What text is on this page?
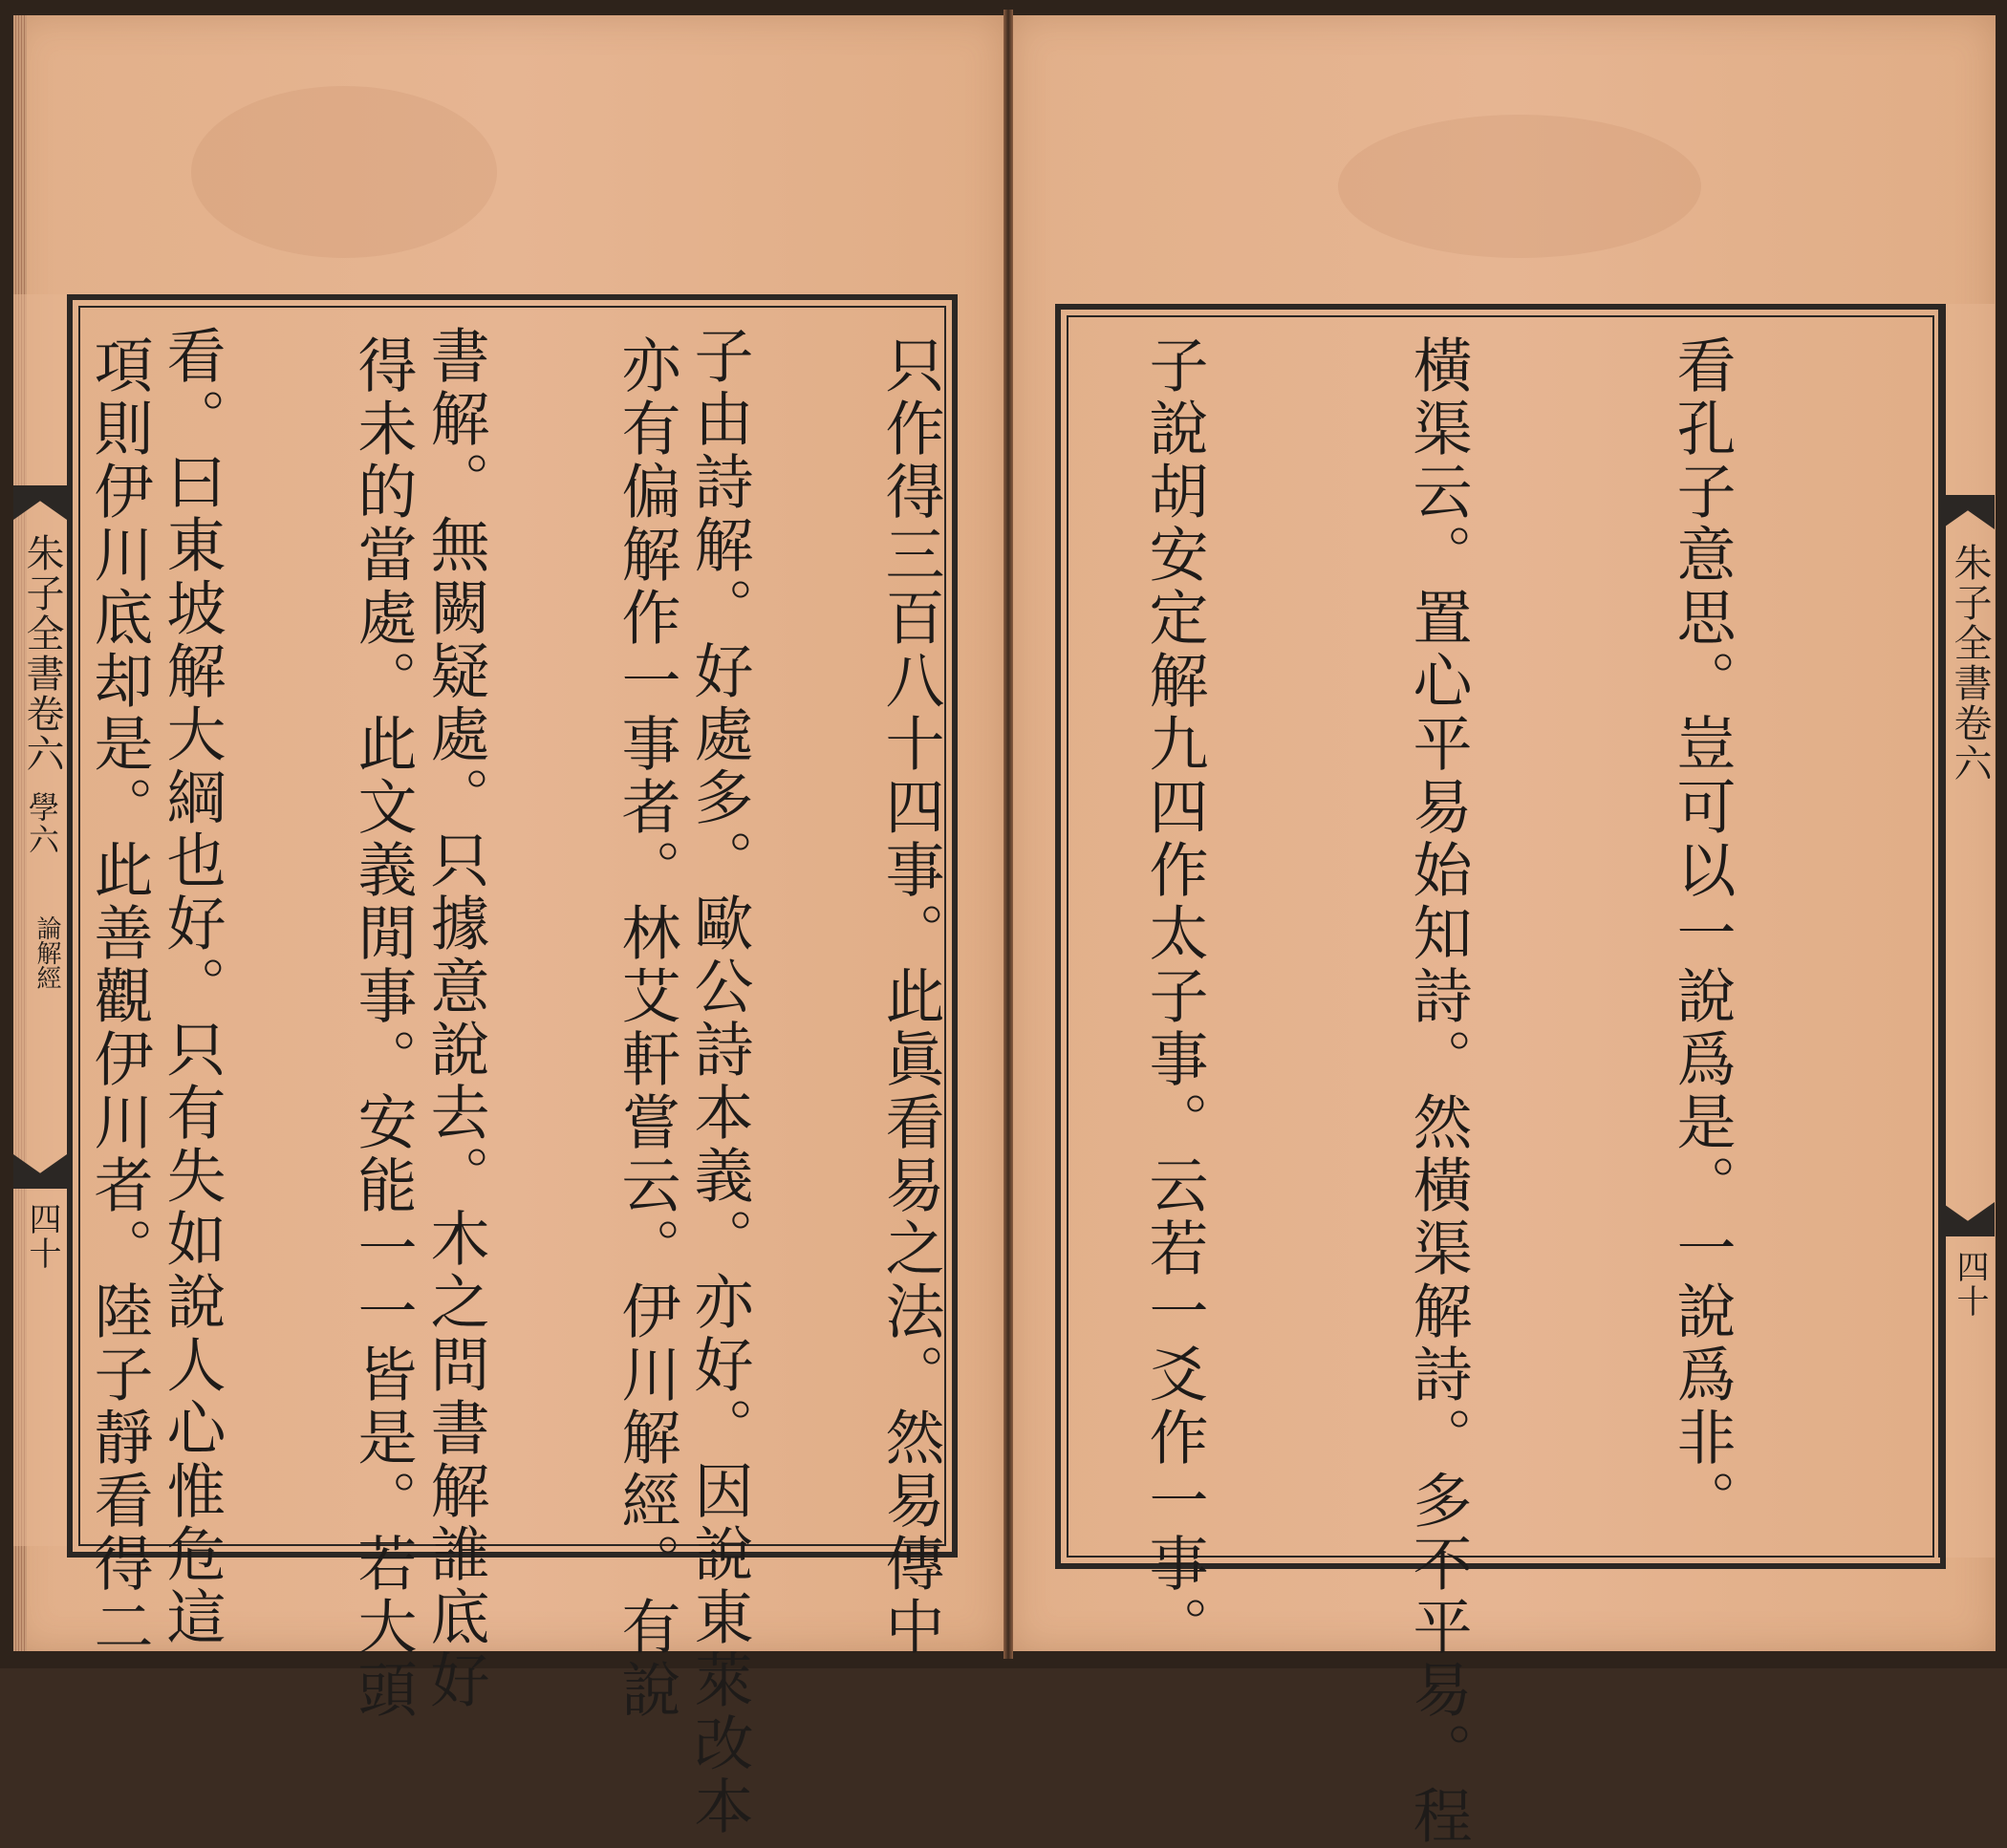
朱子全書卷六
學六
論解經
四十
朱子全書卷六
四十

子由詩解。好處多。歐公詩本義。亦好。因說東萊改本

書解。無闕疑處。只據意說去。木之問書解誰底好

看。曰東坡解大綱也好。只有失如說人心惟危這

	看孔子意思。豈可以一說爲是。一說爲非。

橫渠云。置心平易始知詩。然橫渠解詩。多不平易。程

子說胡安定解九四作太子事。云若一爻作一事。

只作得三百八十四事。此眞看易之法。然易傳中

亦有偏解作一事者。林艾軒嘗云。伊川解經。有說

得未的當處。此文義閒事。安能一一皆是。若大頭

項則伊川底却是。此善觀伊川者。陸子靜看得二
